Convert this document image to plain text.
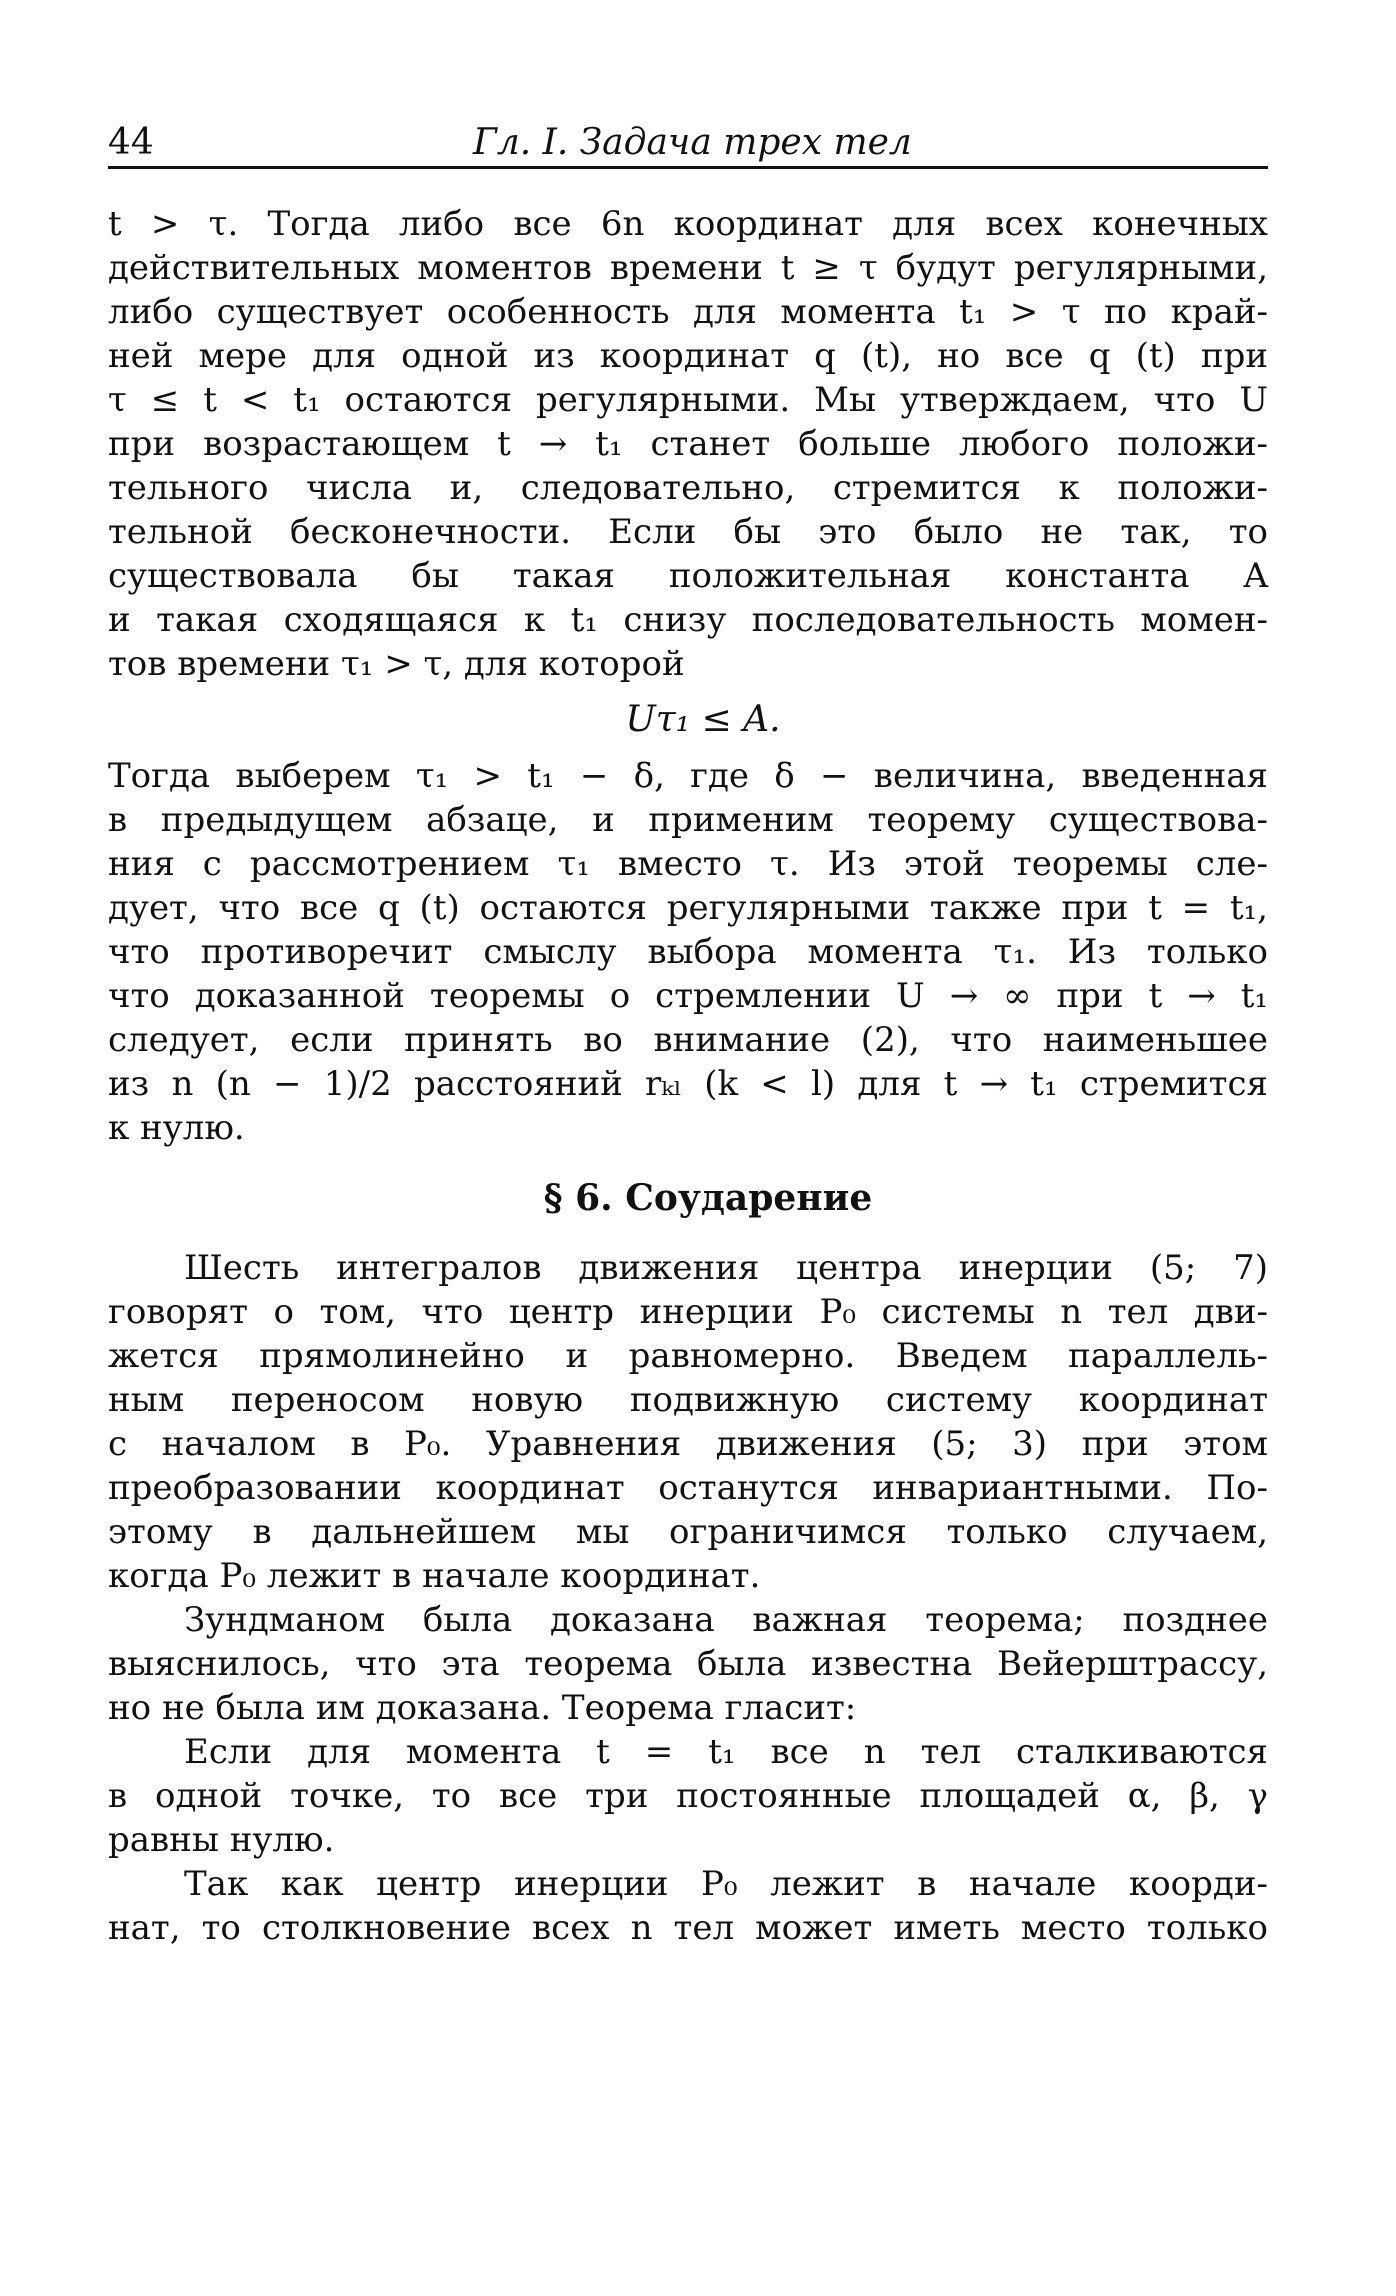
44	Гл. I. Задача трех тел
t > τ. Тогда либо все 6n координат для всех конечных
действительных моментов времени t ≥ τ будут регулярными,
либо существует особенность для момента t₁ > τ по край-
ней мере для одной из координат q (t), но все q (t) при
τ ≤ t < t₁ остаются регулярными. Мы утверждаем, что U
при возрастающем t → t₁ станет больше любого положи-
тельного числа и, следовательно, стремится к положи-
тельной бесконечности. Если бы это было не так, то
существовала бы такая положительная константа A
и такая сходящаяся к t₁ снизу последовательность момен-
тов времени τ₁ > τ, для которой
Uτ₁ ≤ A.
Тогда выберем τ₁ > t₁ − δ, где δ − величина, введенная
в предыдущем абзаце, и применим теорему существова-
ния с рассмотрением τ₁ вместо τ. Из этой теоремы сле-
дует, что все q (t) остаются регулярными также при t = t₁,
что противоречит смыслу выбора момента τ₁. Из только
что доказанной теоремы о стремлении U → ∞ при t → t₁
следует, если принять во внимание (2), что наименьшее
из n (n − 1)/2 расстояний rₖₗ (k < l) для t → t₁ стремится
к нулю.
§ 6. Соударение
Шесть интегралов движения центра инерции (5; 7)
говорят о том, что центр инерции P₀ системы n тел дви-
жется прямолинейно и равномерно. Введем параллель-
ным переносом новую подвижную систему координат
с началом в P₀. Уравнения движения (5; 3) при этом
преобразовании координат останутся инвариантными. По-
этому в дальнейшем мы ограничимся только случаем,
когда P₀ лежит в начале координат.
Зундманом была доказана важная теорема; позднее
выяснилось, что эта теорема была известна Вейерштрассу,
но не была им доказана. Теорема гласит:
Если для момента t = t₁ все n тел сталкиваются
в одной точке, то все три постоянные площадей α, β, γ
равны нулю.
Так как центр инерции P₀ лежит в начале коорди-
нат, то столкновение всех n тел может иметь место только
